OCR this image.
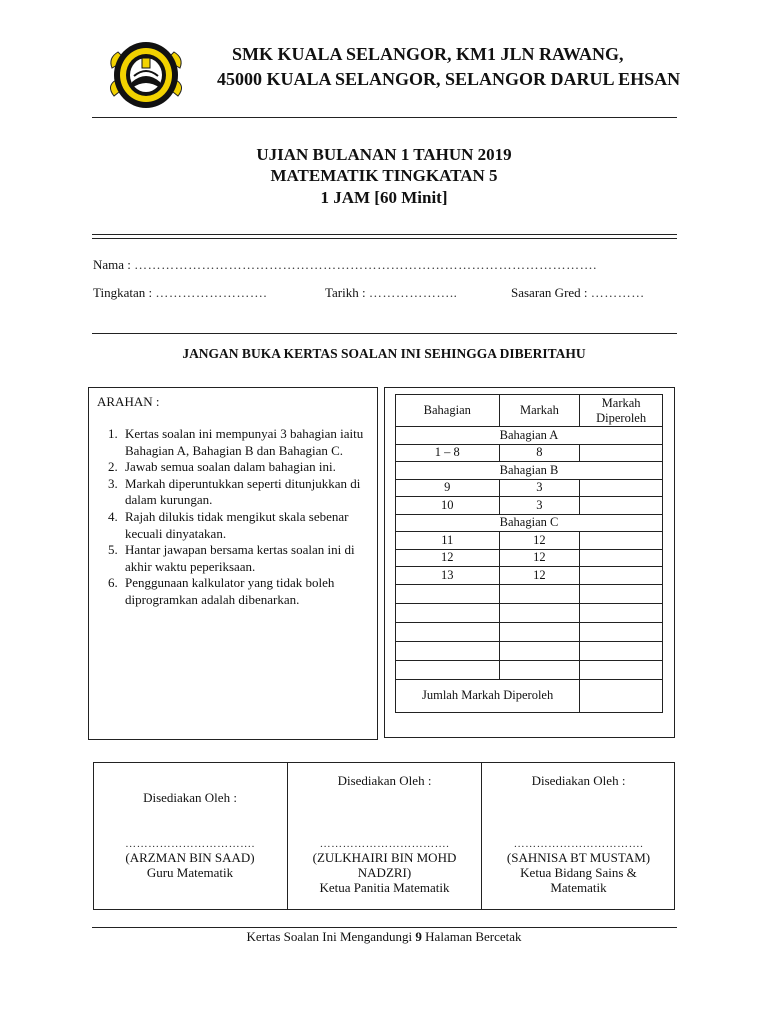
SMK KUALA SELANGOR, KM1 JLN RAWANG,
45000 KUALA SELANGOR, SELANGOR DARUL EHSAN
UJIAN BULANAN 1 TAHUN 2019
MATEMATIK TINGKATAN 5
1 JAM [60 Minit]
Nama : ………………………………………………………………………………………….
Tingkatan : …………………….	Tarikh : ………………..	Sasaran Gred : …………
JANGAN BUKA KERTAS SOALAN INI SEHINGGA DIBERITAHU
ARAHAN :
1. Kertas soalan ini mempunyai 3 bahagian iaitu Bahagian A, Bahagian B dan Bahagian C.
2. Jawab semua soalan dalam bahagian ini.
3. Markah diperuntukkan seperti ditunjukkan di dalam kurungan.
4. Rajah dilukis tidak mengikut skala sebenar kecuali dinyatakan.
5. Hantar jawapan bersama kertas soalan ini di akhir waktu peperiksaan.
6. Penggunaan kalkulator yang tidak boleh diprogramkan adalah dibenarkan.
Bahagian	Markah	Markah Diperoleh
Bahagian A		
1 – 8	8	
Bahagian B		
9	3	
10	3	
Bahagian C		
11	12	
12	12	
13	12	

Jumlah Markah Diperoleh		
Disediakan Oleh :
…………………………….
(ARZMAN BIN SAAD)
Guru Matematik
Disediakan Oleh :
…………………………….
(ZULKHAIRI BIN MOHD NADZRI)
Ketua Panitia Matematik
Disediakan Oleh :
…………………………….
(SAHNISA BT MUSTAM)
Ketua Bidang Sains & Matematik
Kertas Soalan Ini Mengandungi 9 Halaman Bercetak
